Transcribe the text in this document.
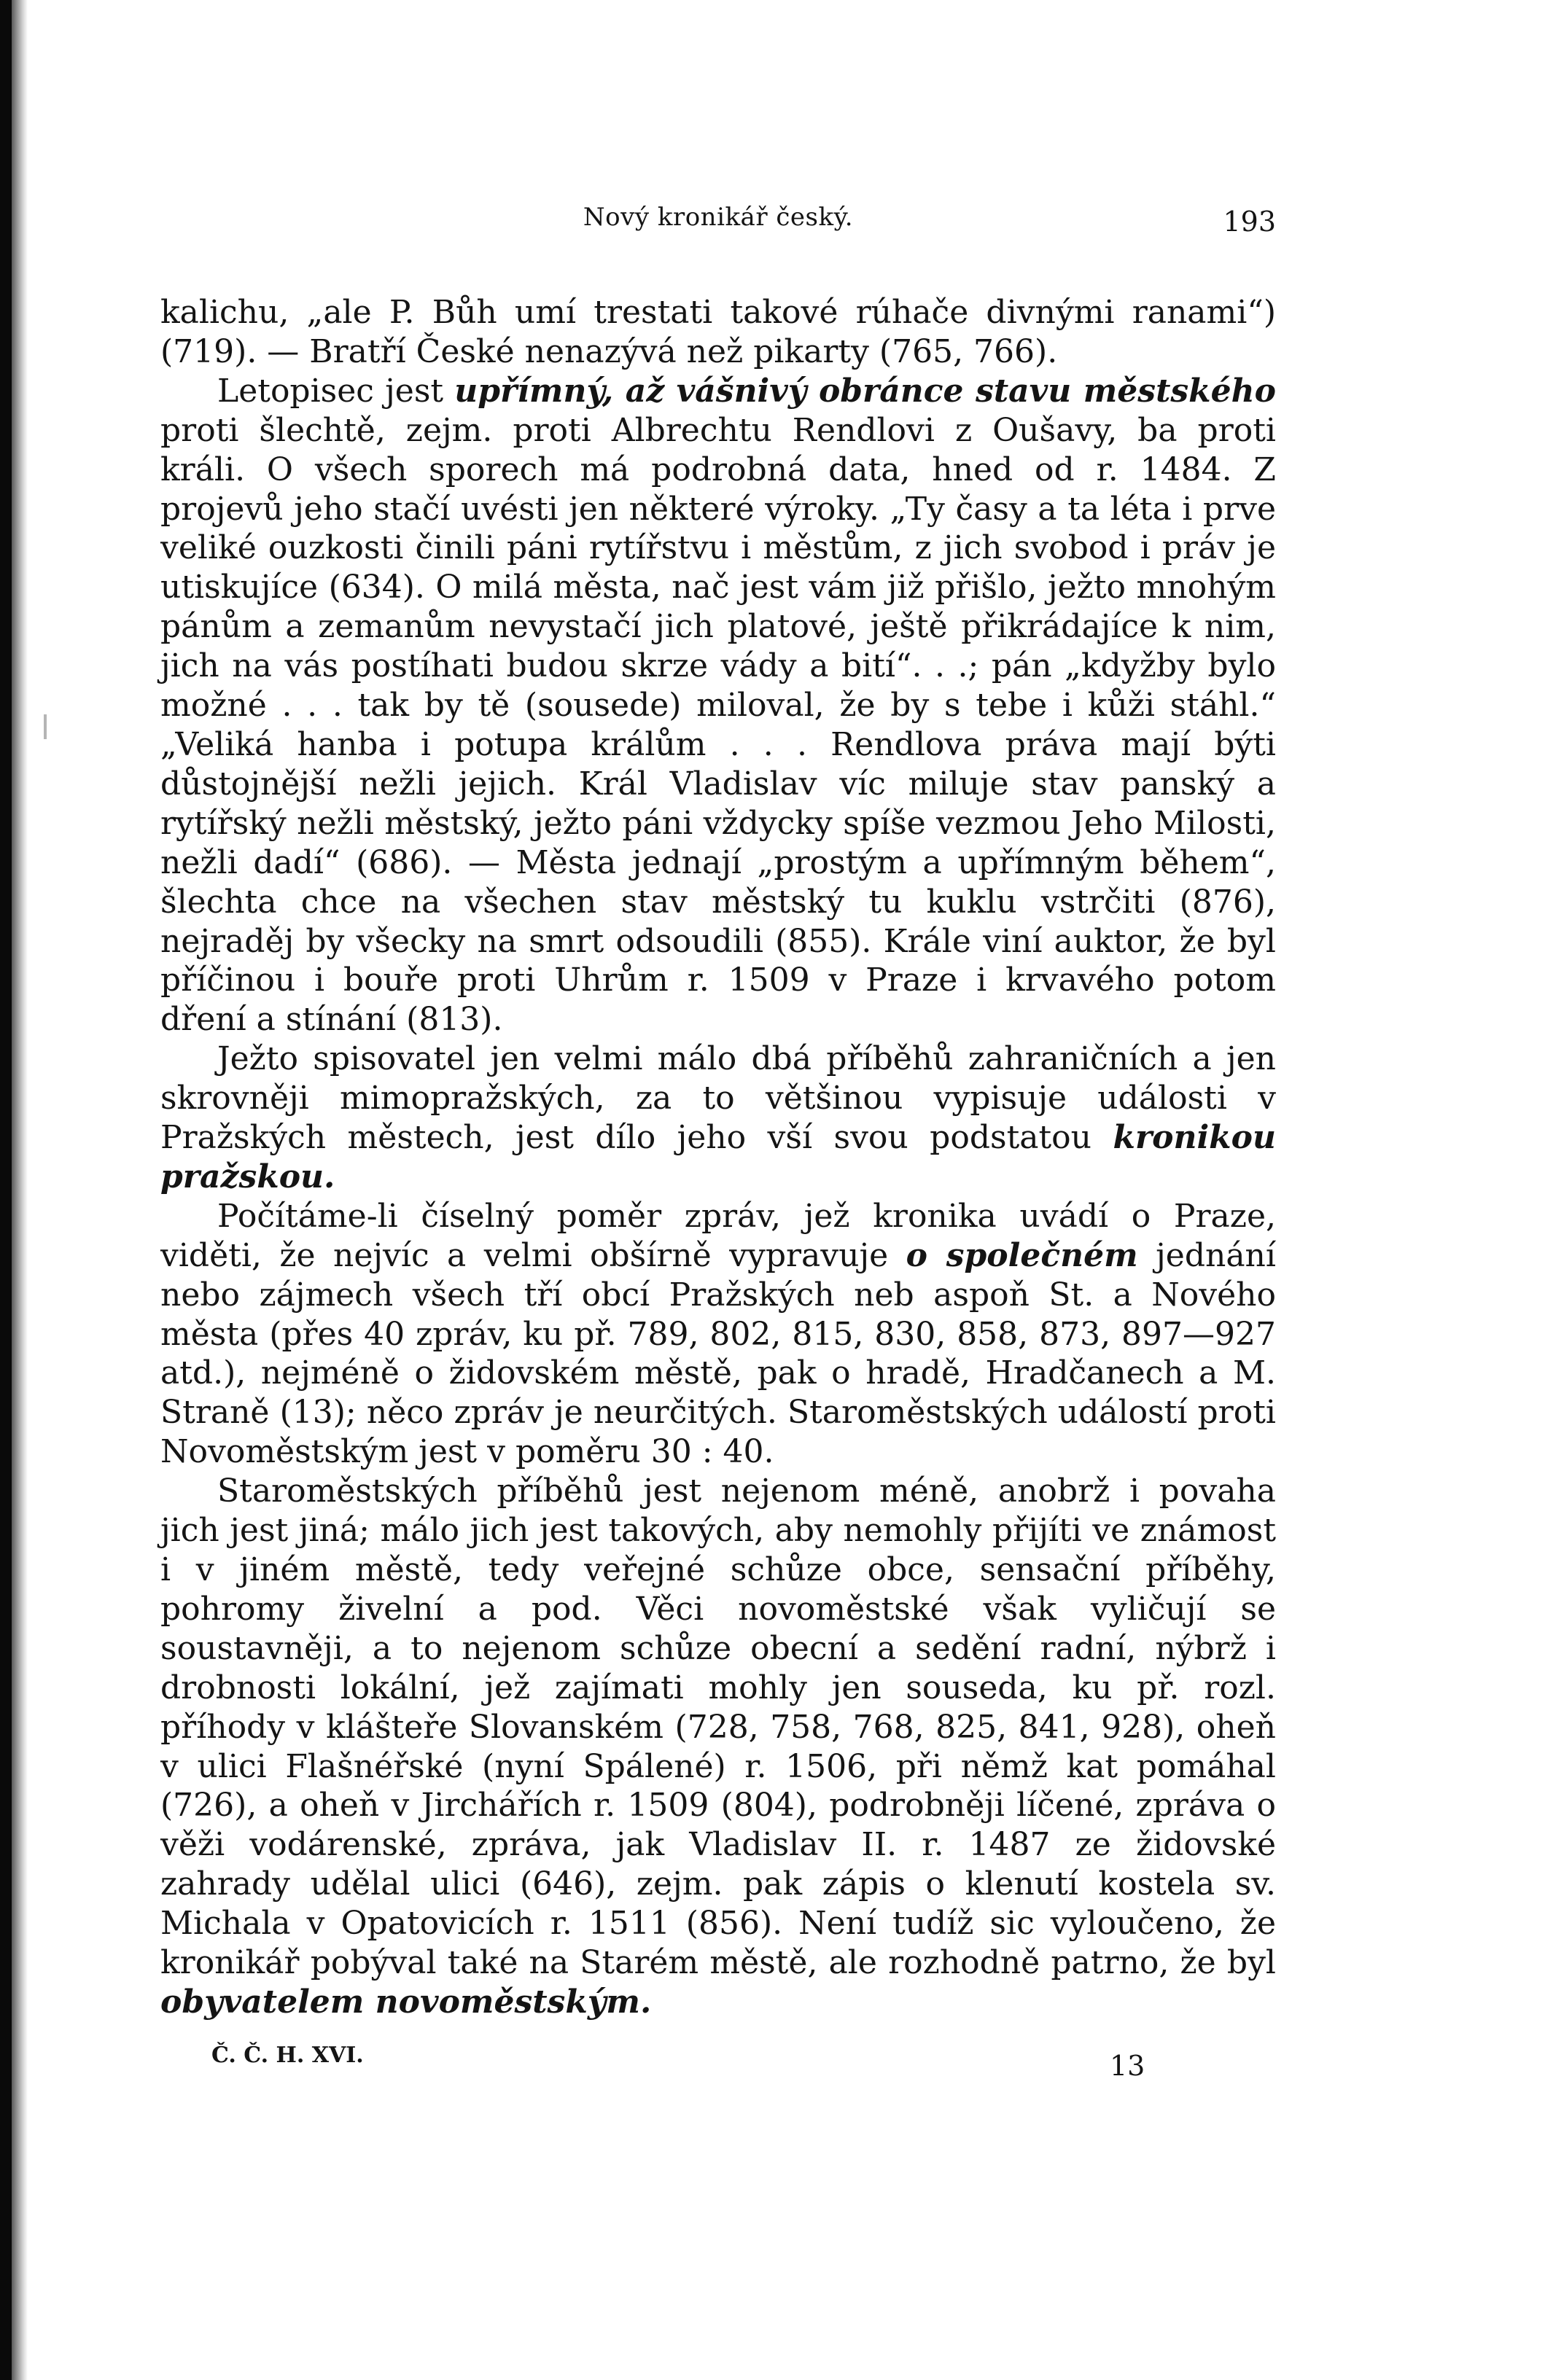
Nový kronikář český.	193

kalichu, „ale P. Bůh umí trestati takové rúhače divnými ranami“) (719). — Bratří České nenazývá než pikarty (765, 766).

Letopisec jest upřímný, až vášnivý obránce stavu městského proti šlechtě, zejm. proti Albrechtu Rendlovi z Oušavy, ba proti králi. O všech sporech má podrobná data, hned od r. 1484. Z projevů jeho stačí uvésti jen některé výroky. „Ty časy a ta léta i prve veliké ouzkosti činili páni rytířstvu i městům, z jich svobod i práv je utiskujíce (634). O milá města, nač jest vám již přišlo, ježto mnohým pánům a zemanům nevystačí jich platové, ještě přikrádajíce k nim, jich na vás postíhati budou skrze vády a bití“. . .; pán „kdyžby bylo možné . . . tak by tě (sousede) miloval, že by s tebe i kůži stáhl.“ „Veliká hanba i potupa králům . . . Rendlova práva mají býti důstojnější nežli jejich. Král Vladislav víc miluje stav panský a rytířský nežli městský, ježto páni vždycky spíše vezmou Jeho Milosti, nežli dadí“ (686). — Města jednají „prostým a upřímným během“, šlechta chce na všechen stav městský tu kuklu vstrčiti (876), nejraděj by všecky na smrt odsoudili (855). Krále viní auktor, že byl příčinou i bouře proti Uhrům r. 1509 v Praze i krvavého potom dření a stínání (813).

Ježto spisovatel jen velmi málo dbá příběhů zahraničních a jen skrovněji mimopražských, za to většinou vypisuje události v Pražských městech, jest dílo jeho vší svou podstatou kronikou pražskou.

Počítáme-li číselný poměr zpráv, jež kronika uvádí o Praze, viděti, že nejvíc a velmi obšírně vypravuje o společném jednání nebo zájmech všech tří obcí Pražských neb aspoň St. a Nového města (přes 40 zpráv, ku př. 789, 802, 815, 830, 858, 873, 897—927 atd.), nejméně o židovském městě, pak o hradě, Hradčanech a M. Straně (13); něco zpráv je neurčitých. Staroměstských událostí proti Novoměstským jest v poměru 30 : 40.

Staroměstských příběhů jest nejenom méně, anobrž i povaha jich jest jiná; málo jich jest takových, aby nemohly přijíti ve známost i v jiném městě, tedy veřejné schůze obce, sensační příběhy, pohromy živelní a pod. Věci novoměstské však vyličují se soustavněji, a to nejenom schůze obecní a sedění radní, nýbrž i drobnosti lokální, jež zajímati mohly jen souseda, ku př. rozl. příhody v klášteře Slovanském (728, 758, 768, 825, 841, 928), oheň v ulici Flašnéřské (nyní Spálené) r. 1506, při němž kat pomáhal (726), a oheň v Jirchářích r. 1509 (804), podrobněji líčené, zpráva o věži vodárenské, zpráva, jak Vladislav II. r. 1487 ze židovské zahrady udělal ulici (646), zejm. pak zápis o klenutí kostela sv. Michala v Opatovicích r. 1511 (856). Není tudíž sic vyloučeno, že kronikář pobýval také na Starém městě, ale rozhodně patrno, že byl obyvatelem novoměstským.

Č. Č. H. XVI.	13
